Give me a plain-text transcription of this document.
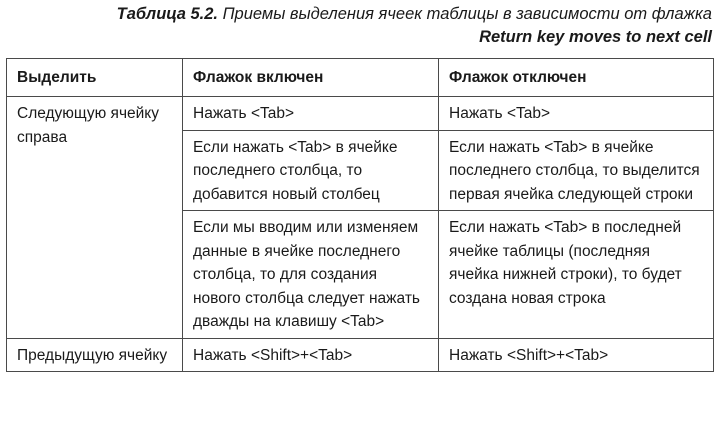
Таблица 5.2. Приемы выделения ячеек таблицы в зависимости от флажка
Return key moves to next cell
Выделить	Флажок включен	Флажок отключен
Следующую ячейку справа	Нажать <Tab>	Нажать <Tab>
	Если нажать <Tab> в ячейке последнего столбца, то добавится новый столбец	Если нажать <Tab> в ячейке последнего столбца, то выделится первая ячейка следующей строки
	Если мы вводим или изменяем данные в ячейке последнего столбца, то для создания нового столбца следует нажать дважды на клавишу <Tab>	Если нажать <Tab> в последней ячейке таблицы (последняя ячейка нижней строки), то будет создана новая строка
Предыдущую ячейку	Нажать <Shift>+<Tab>	Нажать <Shift>+<Tab>
